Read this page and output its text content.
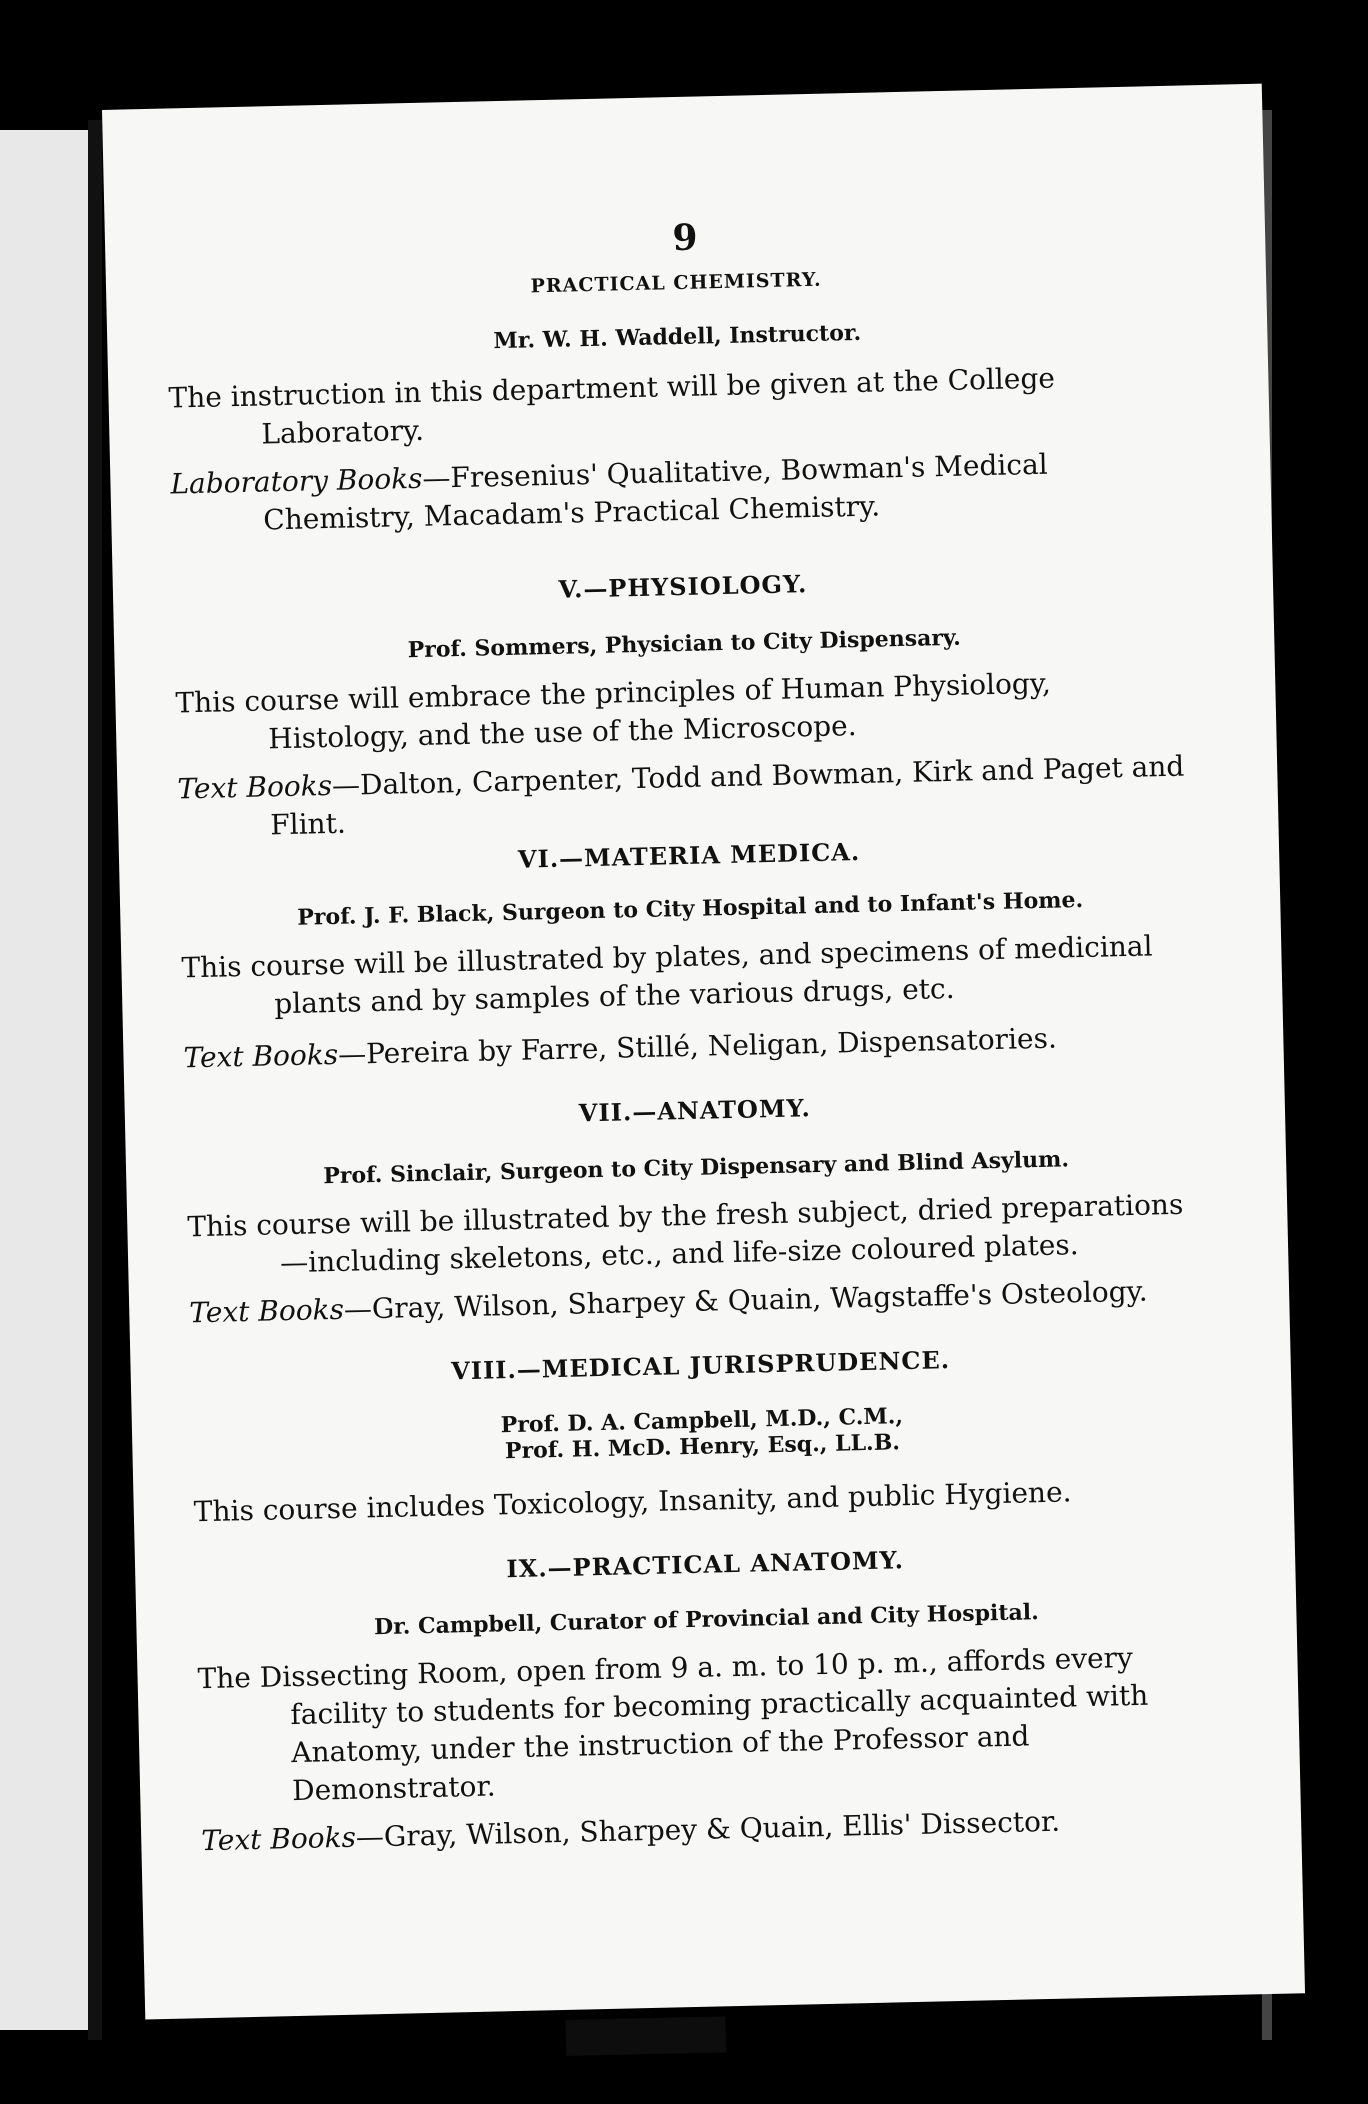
9

PRACTICAL CHEMISTRY.

Mr. W. H. Waddell, Instructor.

The instruction in this department will be given at the College Laboratory.

Laboratory Books—Fresenius' Qualitative, Bowman's Medical Chemistry, Macadam's Practical Chemistry.

V.—PHYSIOLOGY.

Prof. Sommers, Physician to City Dispensary.

This course will embrace the principles of Human Physiology, Histology, and the use of the Microscope.

Text Books—Dalton, Carpenter, Todd and Bowman, Kirk and Paget and Flint.

VI.—MATERIA MEDICA.

Prof. J. F. Black, Surgeon to City Hospital and to Infant's Home.

This course will be illustrated by plates, and specimens of medicinal plants and by samples of the various drugs, etc.

Text Books—Pereira by Farre, Stillé, Neligan, Dispensatories.

VII.—ANATOMY.

Prof. Sinclair, Surgeon to City Dispensary and Blind Asylum.

This course will be illustrated by the fresh subject, dried preparations —including skeletons, etc., and life-size coloured plates.

Text Books—Gray, Wilson, Sharpey & Quain, Wagstaffe's Osteology.

VIII.—MEDICAL JURISPRUDENCE.

Prof. D. A. Campbell, M.D., C.M.,

Prof. H. McD. Henry, Esq., LL.B.

This course includes Toxicology, Insanity, and public Hygiene.

IX.—PRACTICAL ANATOMY.

Dr. Campbell, Curator of Provincial and City Hospital.

The Dissecting Room, open from 9 a. m. to 10 p. m., affords every facility to students for becoming practically acquainted with Anatomy, under the instruction of the Professor and Demonstrator.

Text Books—Gray, Wilson, Sharpey & Quain, Ellis' Dissector.
